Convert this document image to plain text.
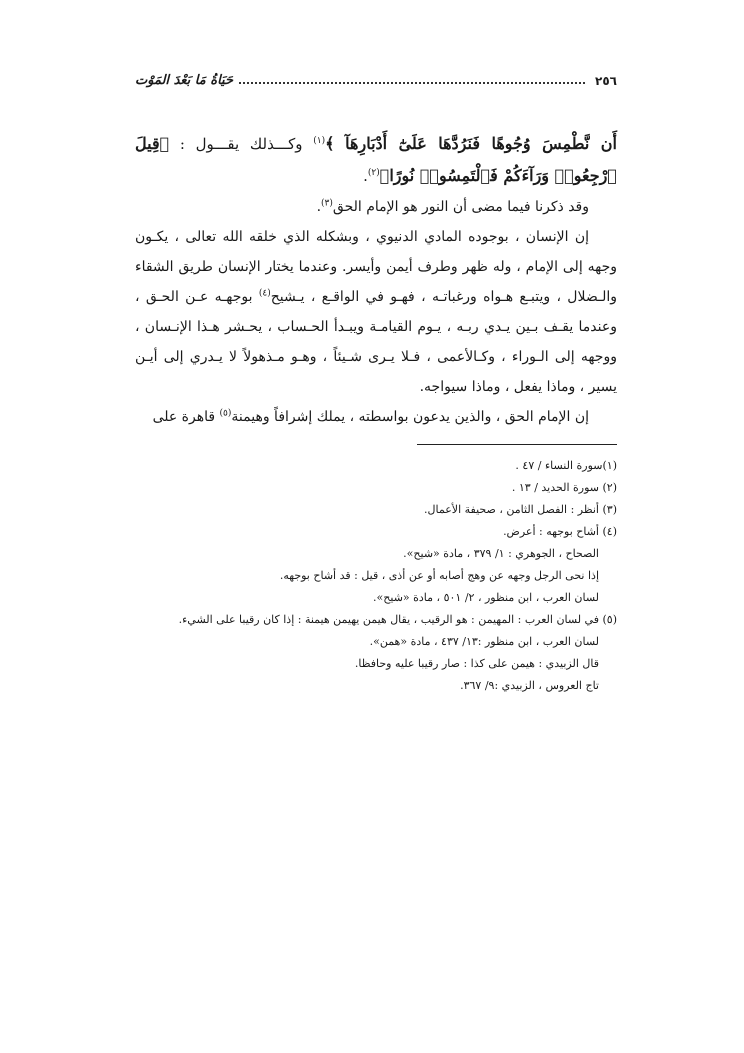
٢٥٦
حَيَاةُ مَا بَعْدَ المَوْت

أَن نَّطْمِسَ وُجُوهًا فَنَرُدَّهَا عَلَىٰٓ أَدْبَارِهَآ ﴾$^{(١)}$ وكـــذلك يقـــول : ﴿قِيلَ ٱرْجِعُوا۟ وَرَآءَكُمْ فَٱلْتَمِسُوا۟ نُورًا﴾$^{(٢)}$.

وقد ذكرنا فيما مضى أن النور هو الإمام الحق$^{(٣)}$.

إن الإنسان ، بوجوده المادي الدنيوي ، وبشكله الذي خلقه الله تعالى ، يكـون وجهه إلى الإمام ، وله ظهر وطرف أيمن وأيسر. وعندما يختار الإنسان طريق الشقاء والـضلال ، ويتبـع هـواه ورغباتـه ، فهـو في الواقـع ، يـشيح$^{(٤)}$ بوجهـه عـن الحـق ، وعندما يقـف بـين يـدي ربـه ، يـوم القيامـة ويبـدأ الحـساب ، يحـشر هـذا الإنـسان ، ووجهه إلى الـوراء ، وكـالأعمى ، فـلا يـرى شـيئاً ، وهـو مـذهولاً لا يـدري إلى أيـن يسير ، وماذا يفعل ، وماذا سيواجه.

إن الإمام الحق ، والذين يدعون بواسطته ، يملك إشرافاً وهيمنة$^{(٥)}$ قاهرة على

(١)سورة النساء / ٤٧ .

(٢) سورة الحديد / ١٣ .

(٣) أنظر : الفصل الثامن ، صحيفة الأعمال.

(٤) أشاح بوجهه : أعرض.

الصحاح ، الجوهري : ١/ ٣٧٩ ، مادة «شيح».

إذا نحى الرجل وجهه عن وهج أصابه أو عن أذى ، قيل : قد أشاح بوجهه.

لسان العرب ، ابن منظور ، ٢/ ٥٠١ ، مادة «شيح».

(٥) في لسان العرب : المهيمن : هو الرقيب ، يقال هيمن يهيمن هيمنة : إذا كان رقيبا على الشيء.

لسان العرب ، ابن منظور :١٣/ ٤٣٧ ، مادة «همن».

قال الزبيدي : هيمن على كذا : صار رقيبا عليه وحافظا.

تاج العروس ، الزبيدي :٩/ ٣٦٧.
